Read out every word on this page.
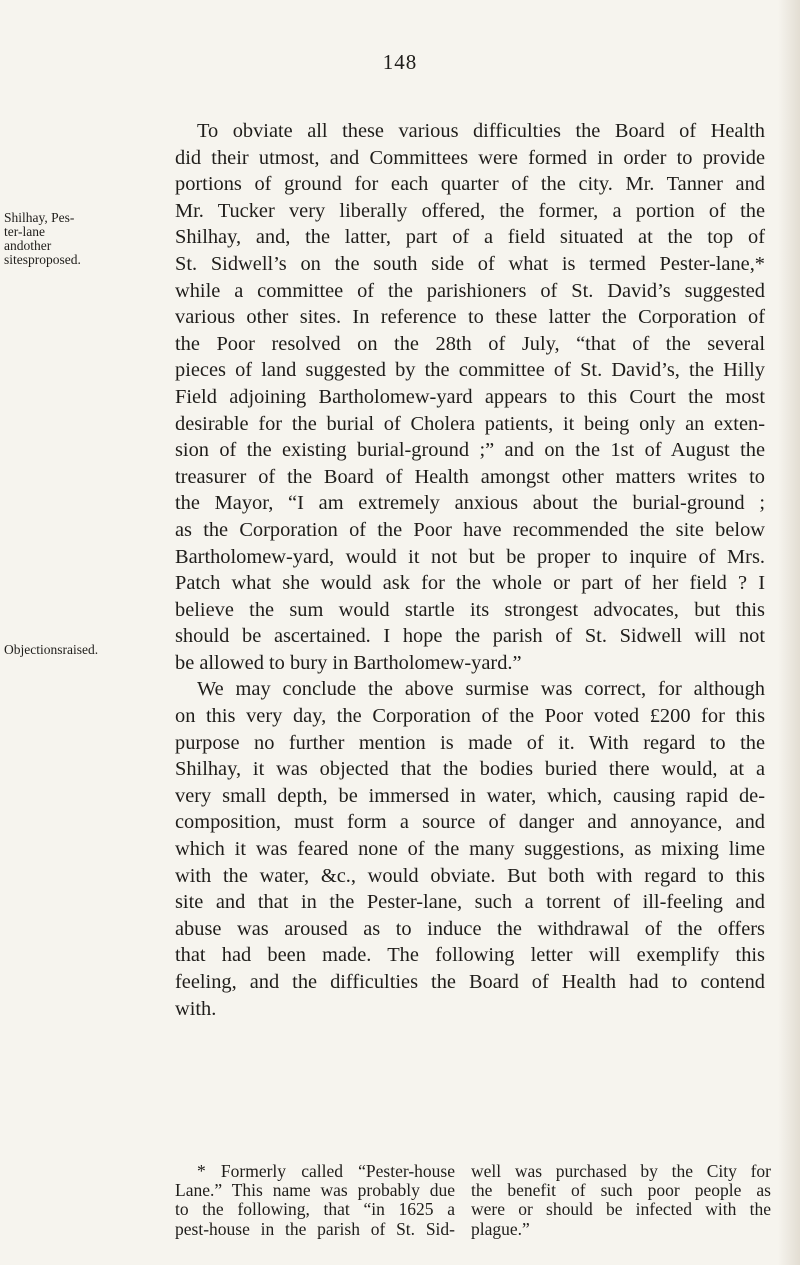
148
Shilhay, Pes-ter-lane andother sitesproposed.
Objectionsraised.
To obviate all these various difficulties the Board of Health
did their utmost, and Committees were formed in order to provide
portions of ground for each quarter of the city. Mr. Tanner and
Mr. Tucker very liberally offered, the former, a portion of the
Shilhay, and, the latter, part of a field situated at the top of
St. Sidwell’s on the south side of what is termed Pester-lane,*
while a committee of the parishioners of St. David’s suggested
various other sites. In reference to these latter the Corporation of
the Poor resolved on the 28th of July, “that of the several
pieces of land suggested by the committee of St. David’s, the Hilly
Field adjoining Bartholomew-yard appears to this Court the most
desirable for the burial of Cholera patients, it being only an exten-
sion of the existing burial-ground ;” and on the 1st of August the
treasurer of the Board of Health amongst other matters writes to
the Mayor, “I am extremely anxious about the burial-ground ;
as the Corporation of the Poor have recommended the site below
Bartholomew-yard, would it not but be proper to inquire of Mrs.
Patch what she would ask for the whole or part of her field ? I
believe the sum would startle its strongest advocates, but this
should be ascertained. I hope the parish of St. Sidwell will not
be allowed to bury in Bartholomew-yard.”
We may conclude the above surmise was correct, for although
on this very day, the Corporation of the Poor voted £200 for this
purpose no further mention is made of it. With regard to the
Shilhay, it was objected that the bodies buried there would, at a
very small depth, be immersed in water, which, causing rapid de-
composition, must form a source of danger and annoyance, and
which it was feared none of the many suggestions, as mixing lime
with the water, &c., would obviate. But both with regard to this
site and that in the Pester-lane, such a torrent of ill-feeling and
abuse was aroused as to induce the withdrawal of the offers
that had been made. The following letter will exemplify this
feeling, and the difficulties the Board of Health had to contend
with.
* Formerly called “Pester-house
Lane.” This name was probably due
to the following, that “in 1625 a
pest-house in the parish of St. Sid-
well was purchased by the City for
the benefit of such poor people as
were or should be infected with the
plague.”
